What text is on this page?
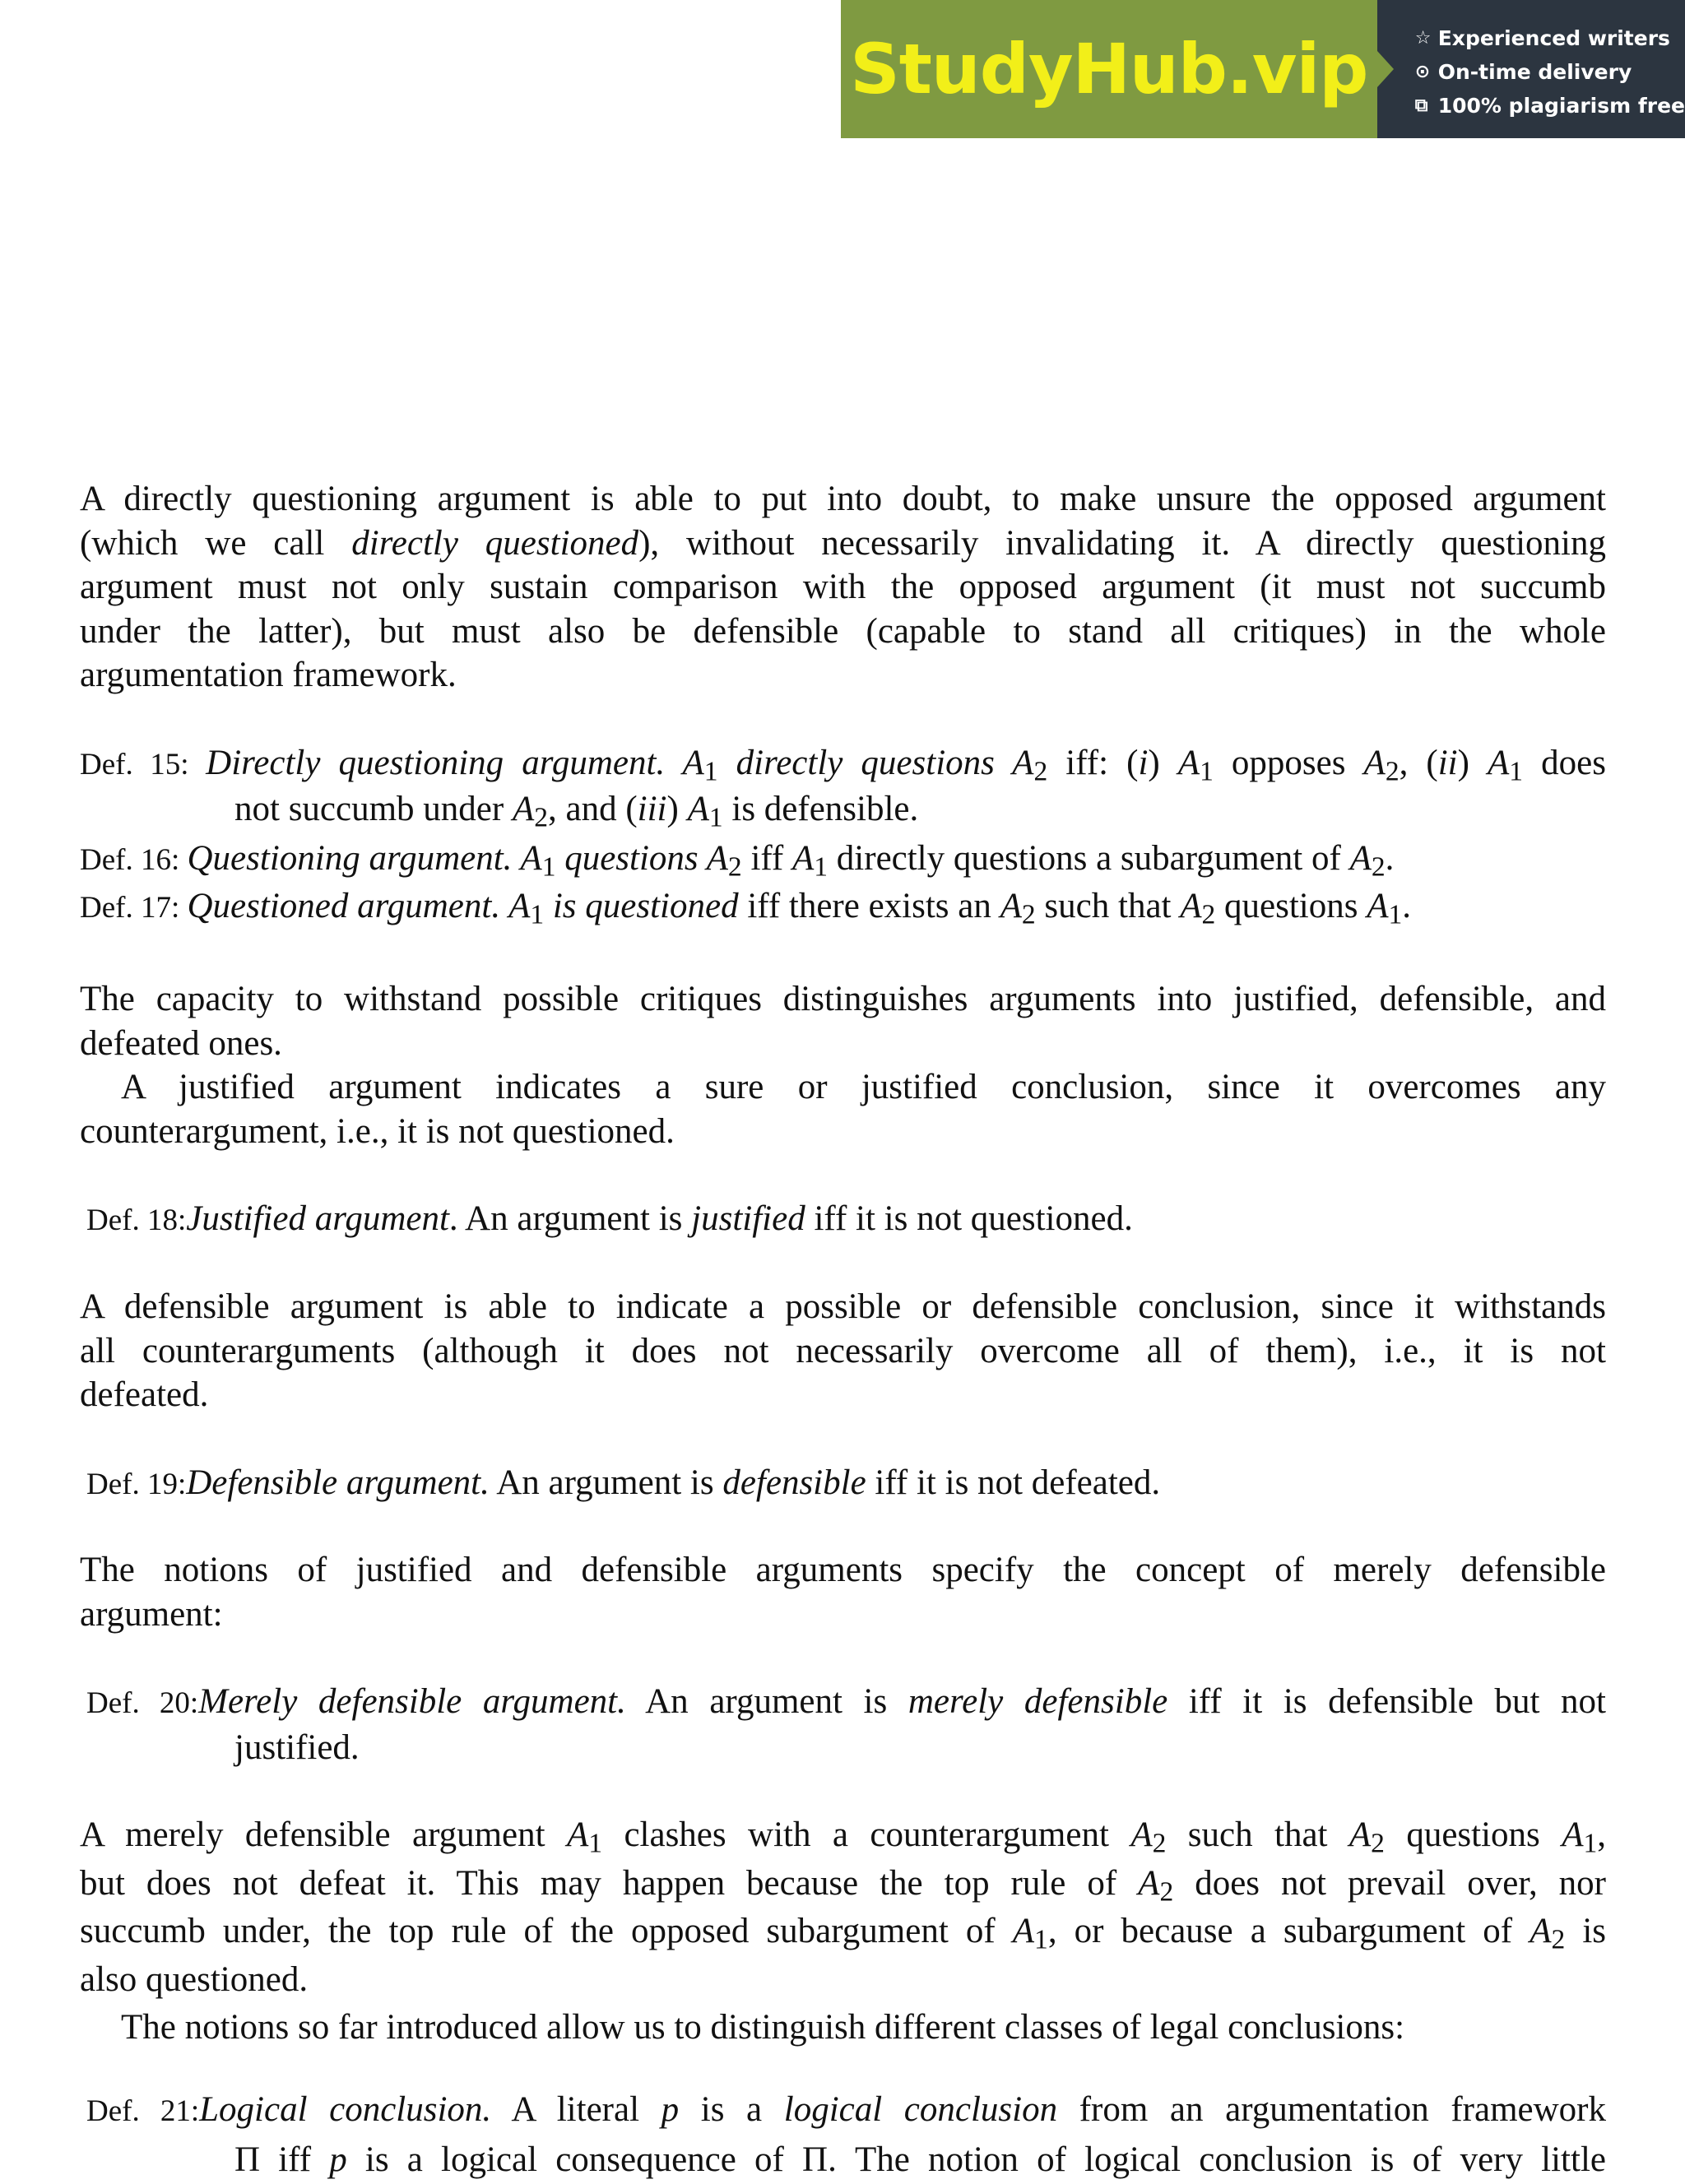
StudyHub.vip	☆ Experienced writers
⊙ On-time delivery
⧉ 100% plagiarism free
A directly questioning argument is able to put into doubt, to make unsure the opposed argument
(which we call directly questioned), without necessarily invalidating it. A directly questioning
argument must not only sustain comparison with the opposed argument (it must not succumb
under the latter), but must also be defensible (capable to stand all critiques) in the whole
argumentation framework.
Def. 15: Directly questioning argument. $A_1$ directly questions $A_2$ iff: (i) $A_1$ opposes $A_2$, (ii) $A_1$ does
not succumb under $A_2$, and (iii) $A_1$ is defensible.
Def. 16: Questioning argument. $A_1$ questions $A_2$ iff $A_1$ directly questions a subargument of $A_2$.
Def. 17: Questioned argument. $A_1$ is questioned iff there exists an $A_2$ such that $A_2$ questions $A_1$.
The capacity to withstand possible critiques distinguishes arguments into justified, defensible, and
defeated ones.
A justified argument indicates a sure or justified conclusion, since it overcomes any
counterargument, i.e., it is not questioned.
Def. 18:Justified argument. An argument is justified iff it is not questioned.
A defensible argument is able to indicate a possible or defensible conclusion, since it withstands
all counterarguments (although it does not necessarily overcome all of them), i.e., it is not
defeated.
Def. 19:Defensible argument. An argument is defensible iff it is not defeated.
The notions of justified and defensible arguments specify the concept of merely defensible
argument:
Def. 20:Merely defensible argument. An argument is merely defensible iff it is defensible but not
justified.
A merely defensible argument $A_1$ clashes with a counterargument $A_2$ such that $A_2$ questions $A_1$,
but does not defeat it. This may happen because the top rule of $A_2$ does not prevail over, nor
succumb under, the top rule of the opposed subargument of $A_1$, or because a subargument of $A_2$ is
also questioned.
The notions so far introduced allow us to distinguish different classes of legal conclusions:
Def. 21:Logical conclusion. A literal p is a logical conclusion from an argumentation framework
Π iff p is a logical consequence of Π. The notion of logical conclusion is of very little
